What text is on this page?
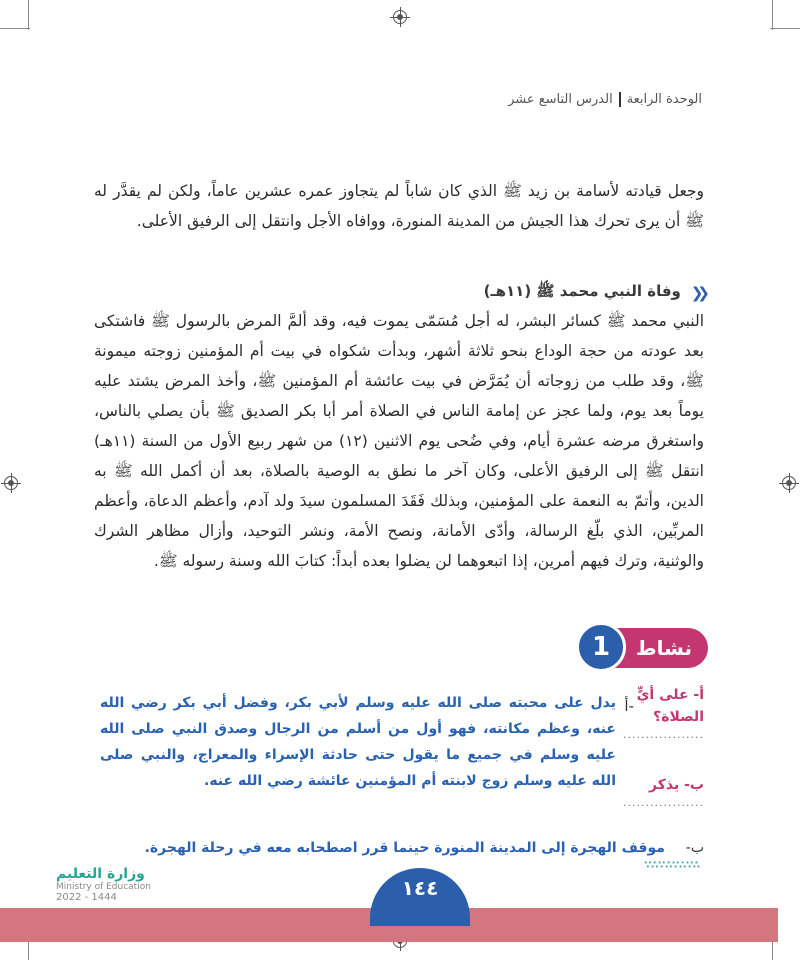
الوحدة الرابعة
الدرس التاسع عشر
وجعل قيادته لأسامة بن زيد ﷺ الذي كان شاباً لم يتجاوز عمره عشرين عاماً، ولكن لم يقدَّر له ﷺ أن يرى تحرك هذا الجيش من المدينة المنورة، ووافاه الأجل وانتقل إلى الرفيق الأعلى.
❮❮
وفاة النبي محمد ﷺ (١١هـ)
النبي محمد ﷺ كسائر البشر، له أجل مُسَمّى يموت فيه، وقد ألمَّ المرض بالرسول ﷺ فاشتكى بعد عودته من حجة الوداع بنحو ثلاثة أشهر، وبدأت شكواه في بيت أم المؤمنين زوجته ميمونة ﷺ، وقد طلب من زوجاته أن يُمَرَّض في بيت عائشة أم المؤمنين ﷺ، وأخذ المرض يشتد عليه يوماً بعد يوم، ولما عجز عن إمامة الناس في الصلاة أمر أبا بكر الصديق ﷺ بأن يصلي بالناس، واستغرق مرضه عشرة أيام، وفي ضُحى يوم الاثنين (١٢) من شهر ربيع الأول من السنة (١١هـ) انتقل ﷺ إلى الرفيق الأعلى، وكان آخر ما نطق به الوصية بالصلاة، بعد أن أكمل الله ﷺ به الدين، وأتمّ به النعمة على المؤمنين، وبذلك فَقَدَ المسلمون سيدَ ولد آدم، وأعظم الدعاة، وأعظم المربِّين، الذي بلّغ الرسالة، وأدّى الأمانة، ونصح الأمة، ونشر التوحيد، وأزال مظاهر الشرك والوثنية، وترك فيهم أمرين، إذا اتبعوهما لن يضلوا بعده أبداً: كتابَ الله وسنة رسوله ﷺ.
نشاط
1
أ- على أيٍّ الصلاة؟
..................
ب- يذكر
..................
أ-
يدل على محبته صلى الله عليه وسلم لأبي بكر، وفضل أبي بكر رضي الله عنه، وعظم مكانته، فهو أول من أسلم من الرجال وصدق النبي صلى الله عليه وسلم في جميع ما يقول حتى حادثة الإسراء والمعراج، والنبي صلى الله عليه وسلم زوج لابنته أم المؤمنين عائشة رضي الله عنه.
ب- موقف الهجرة إلى المدينة المنورة حينما قرر اصطحابه معه في رحلة الهجرة. ∴∵∴∵∴∵∴∵
١٤٤
وزارة التعليم
Ministry of Education
2022 - 1444
